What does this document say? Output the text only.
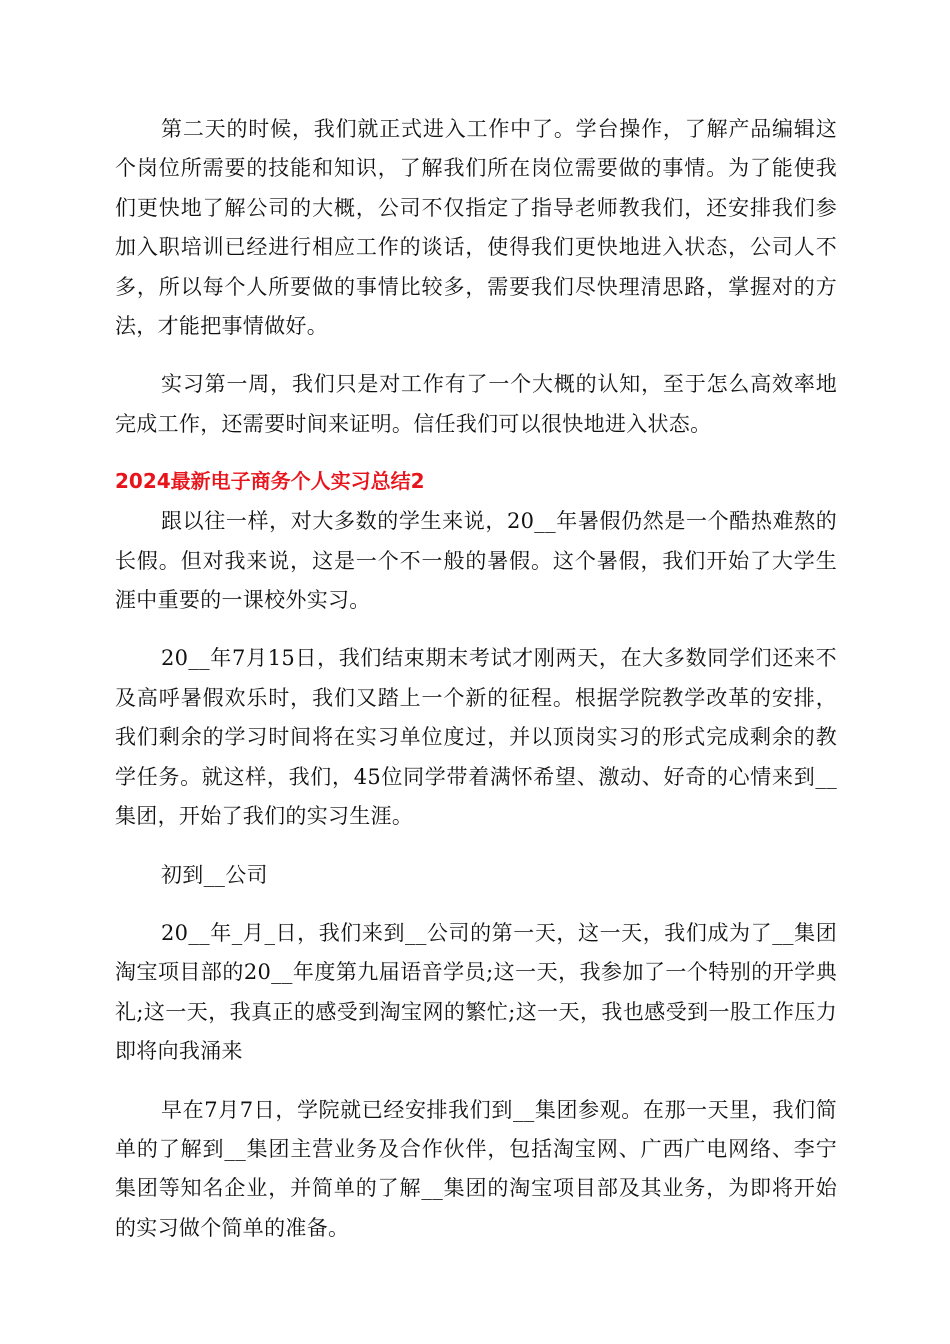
第二天的时候，我们就正式进入工作中了。学台操作，了解产品编辑这个岗位所需要的技能和知识，了解我们所在岗位需要做的事情。为了能使我们更快地了解公司的大概，公司不仅指定了指导老师教我们，还安排我们参加入职培训已经进行相应工作的谈话，使得我们更快地进入状态，公司人不多，所以每个人所要做的事情比较多，需要我们尽快理清思路，掌握对的方法，才能把事情做好。

实习第一周，我们只是对工作有了一个大概的认知，至于怎么高效率地完成工作，还需要时间来证明。信任我们可以很快地进入状态。

2024最新电子商务个人实习总结2

跟以往一样，对大多数的学生来说，20__年暑假仍然是一个酷热难熬的长假。但对我来说，这是一个不一般的暑假。这个暑假，我们开始了大学生涯中重要的一课校外实习。

20__年7月15日，我们结束期末考试才刚两天，在大多数同学们还来不及高呼暑假欢乐时，我们又踏上一个新的征程。根据学院教学改革的安排，我们剩余的学习时间将在实习单位度过，并以顶岗实习的形式完成剩余的教学任务。就这样，我们，45位同学带着满怀希望、激动、好奇的心情来到__集团，开始了我们的实习生涯。

初到__公司

20__年_月_日，我们来到__公司的第一天，这一天，我们成为了__集团淘宝项目部的20__年度第九届语音学员;这一天，我参加了一个特别的开学典礼;这一天，我真正的感受到淘宝网的繁忙;这一天，我也感受到一股工作压力即将向我涌来

早在7月7日，学院就已经安排我们到__集团参观。在那一天里，我们简单的了解到__集团主营业务及合作伙伴，包括淘宝网、广西广电网络、李宁集团等知名企业，并简单的了解__集团的淘宝项目部及其业务，为即将开始的实习做个简单的准备。
